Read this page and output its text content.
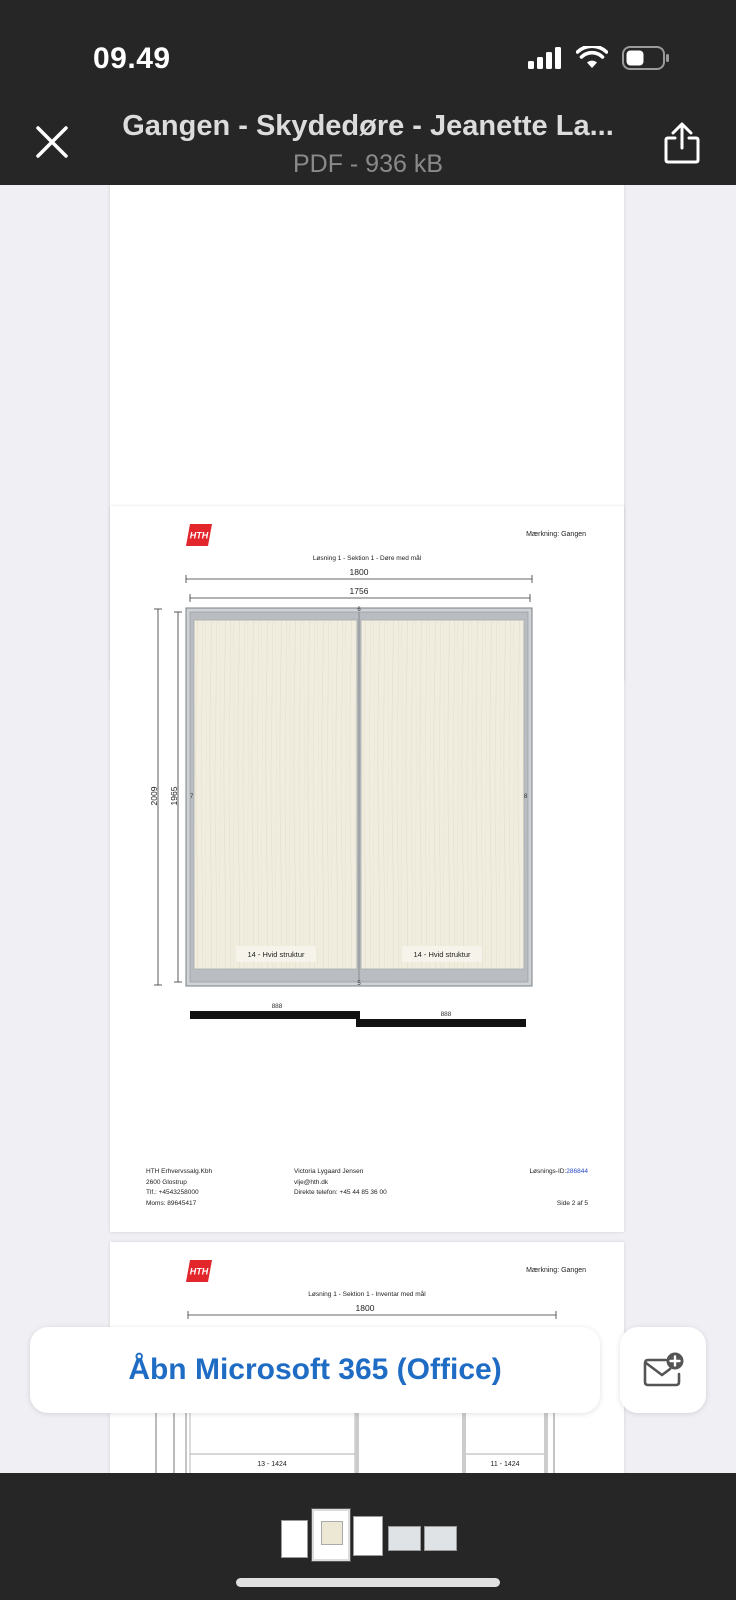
09.49
Gangen - Skydedøre - Jeanette La...
PDF - 936 kB
HTH	Mærkning: Gangen
Løsning 1 - Sektion 1 - Døre med mål
1800
1756
2009 1965
6
5
7	8
14 - Hvid struktur	14 - Hvid struktur
888
888
HTH Erhvervssalg.Kbh
2600 Glostrup
Tlf.: +4543258000
Moms: 89645417
Victoria Lygaard Jensen
vlje@hth.dk
Direkte telefon: +45 44 85 36 00
Løsnings-ID:286844
Side 2 af 5
HTH	Mærkning: Gangen
Løsning 1 - Sektion 1 - Inventar med mål
1800
13 - 1424	11 - 1424
Åbn Microsoft 365 (Office)
